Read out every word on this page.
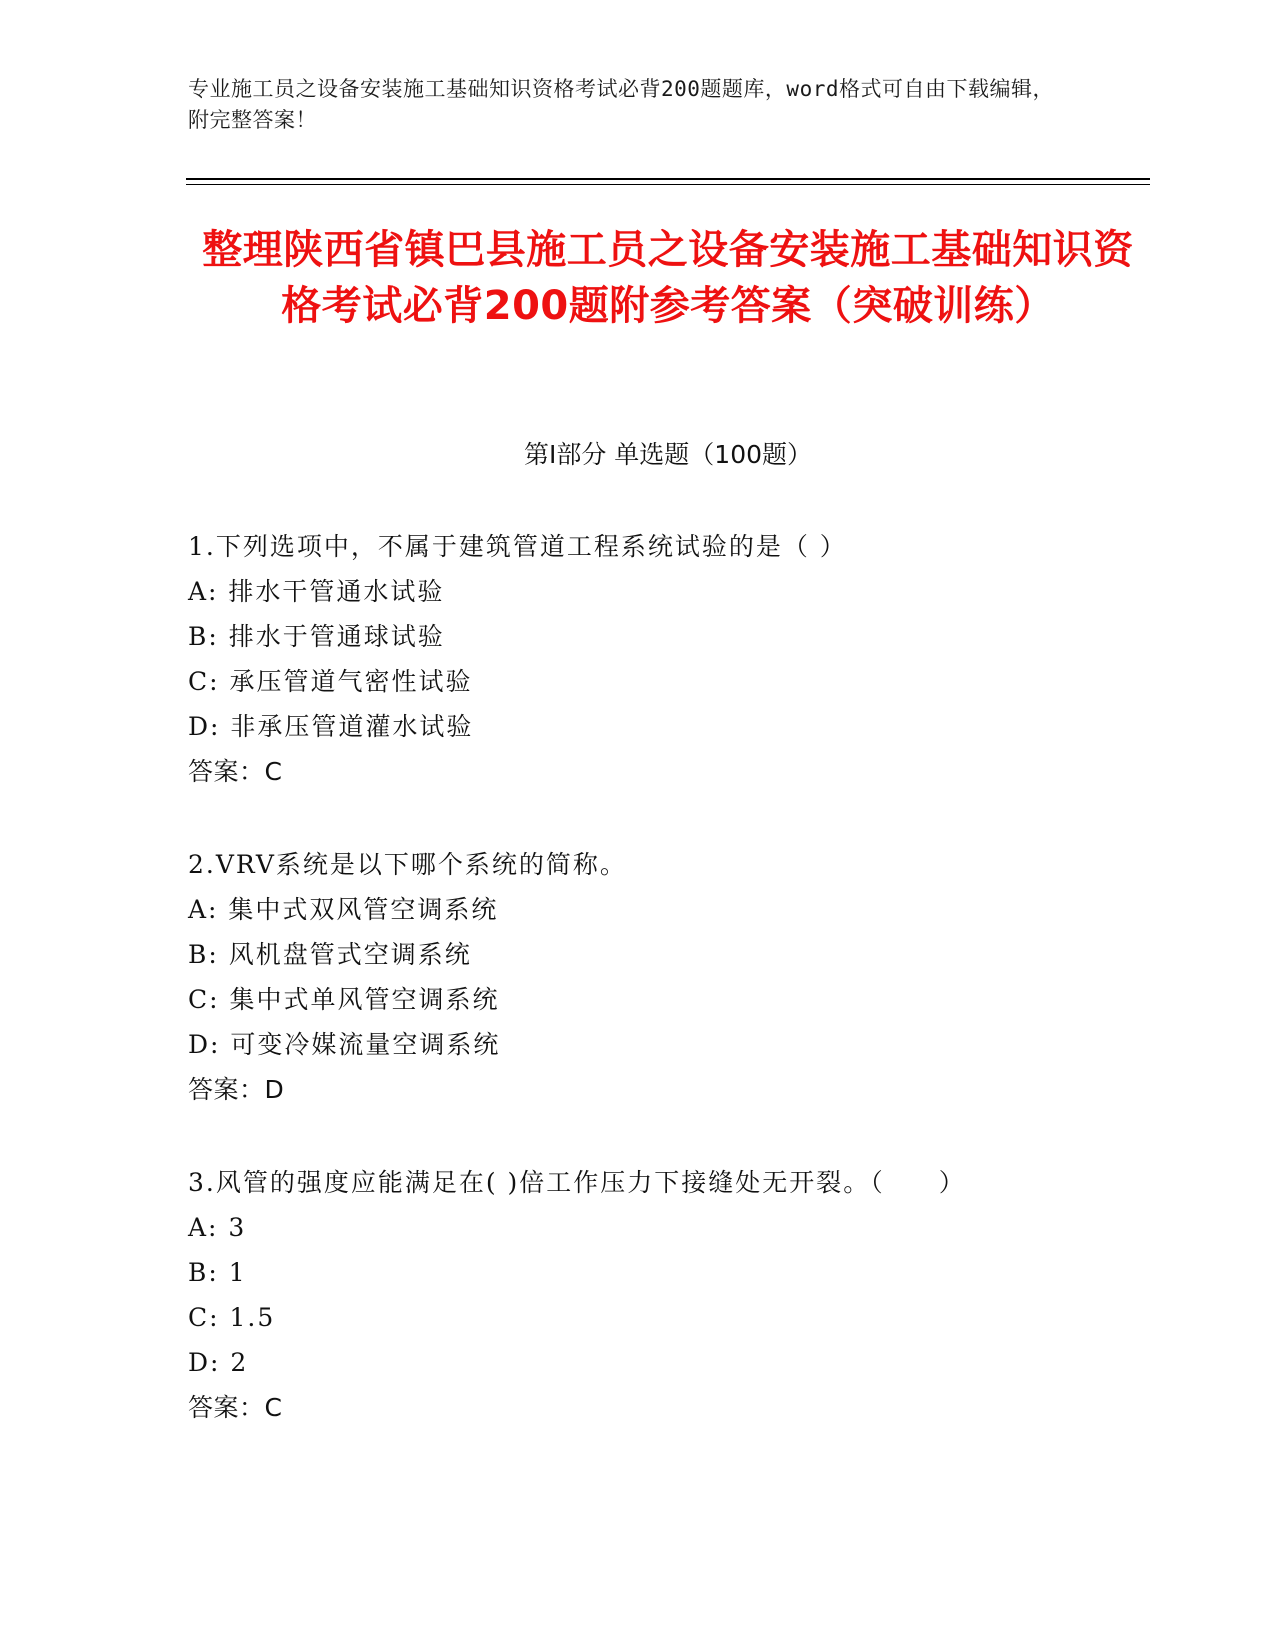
专业施工员之设备安装施工基础知识资格考试必背200题题库，word格式可自由下载编辑，附完整答案！
整理陕西省镇巴县施工员之设备安装施工基础知识资格考试必背200题附参考答案（突破训练）
第I部分 单选题（100题）
1.下列选项中，不属于建筑管道工程系统试验的是（ ）
A: 排水干管通水试验
B: 排水于管通球试验
C: 承压管道气密性试验
D: 非承压管道灌水试验
答案：C
2.VRV系统是以下哪个系统的简称。
A: 集中式双风管空调系统
B: 风机盘管式空调系统
C: 集中式单风管空调系统
D: 可变冷媒流量空调系统
答案：D
3.风管的强度应能满足在( )倍工作压力下接缝处无开裂。（　　）
A: 3
B: 1
C: 1.5
D: 2
答案：C
